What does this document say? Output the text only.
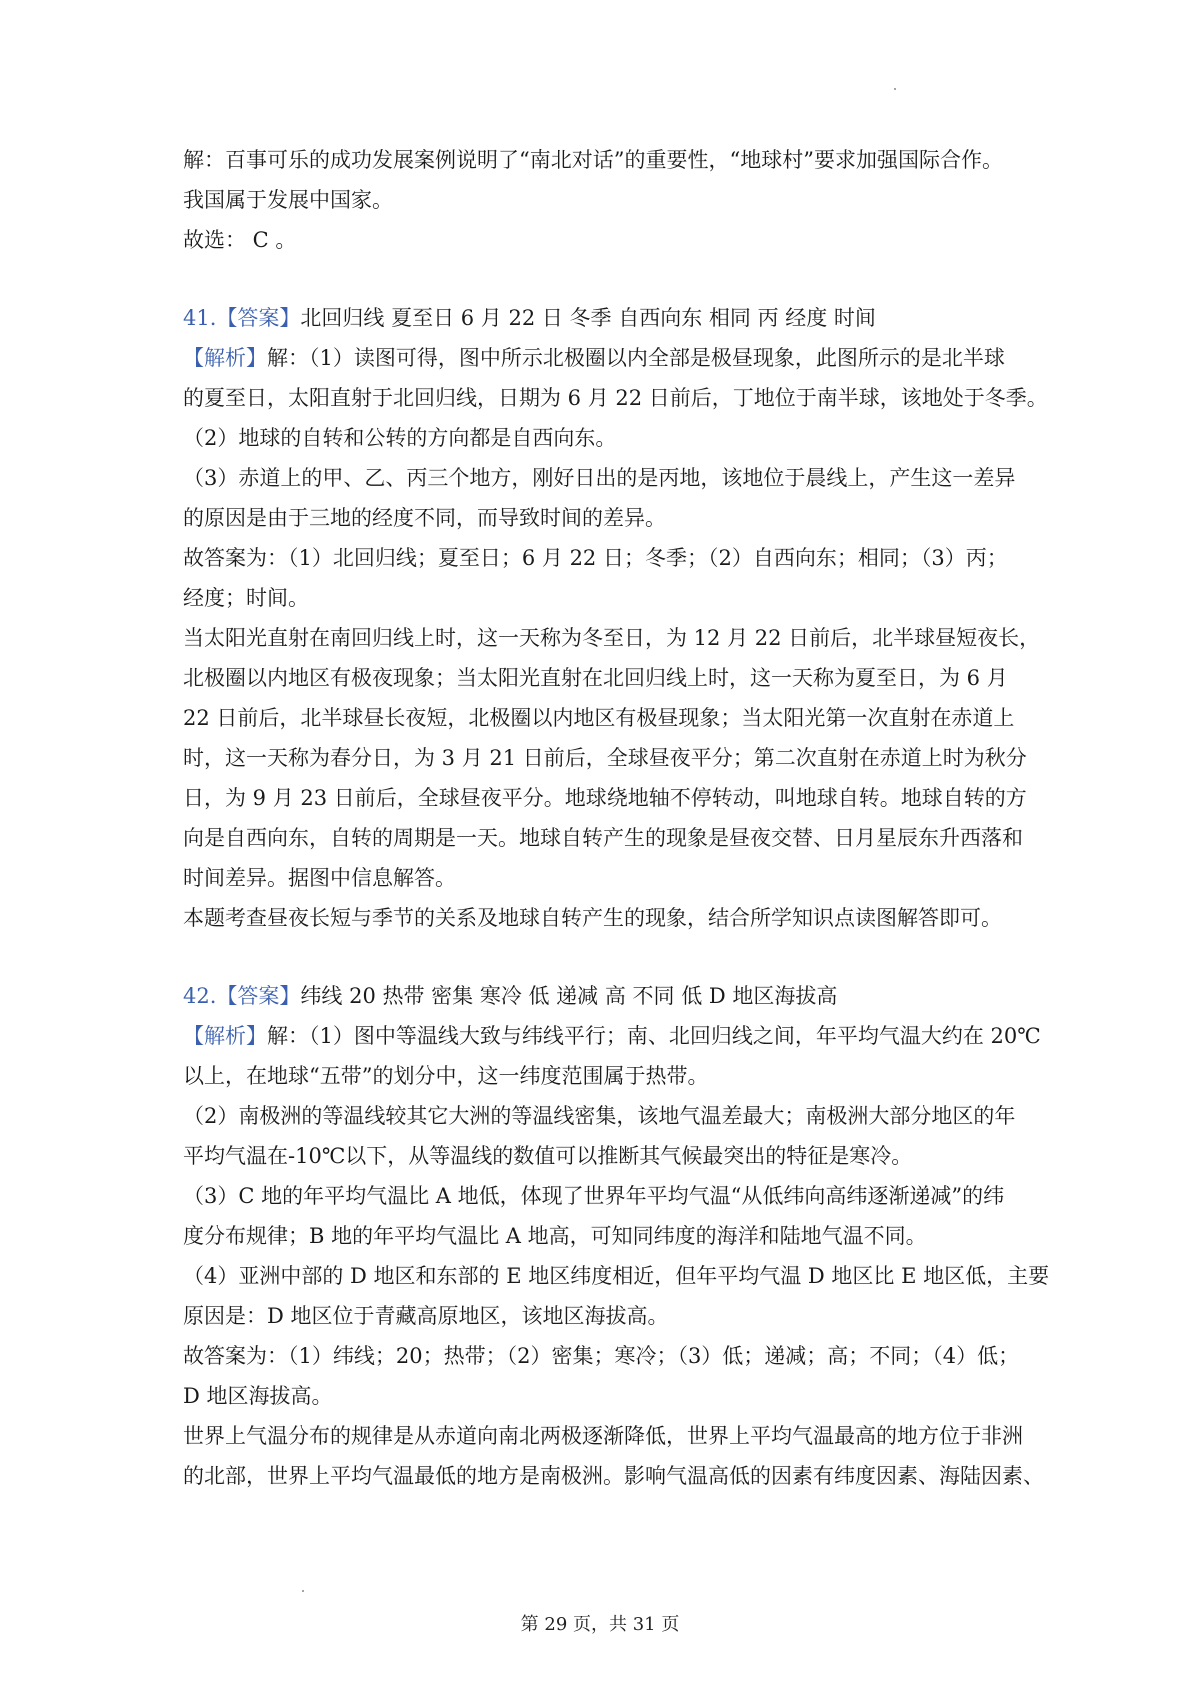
解：百事可乐的成功发展案例说明了“南北对话”的重要性，“地球村”要求加强国际合作。
我国属于发展中国家。
故选： C 。
41.【答案】北回归线 夏至日 6 月 22 日 冬季 自西向东 相同 丙 经度 时间
【解析】解：（1）读图可得，图中所示北极圈以内全部是极昼现象，此图所示的是北半球
的夏至日，太阳直射于北回归线，日期为 6 月 22 日前后，丁地位于南半球，该地处于冬季。
（2）地球的自转和公转的方向都是自西向东。
（3）赤道上的甲、乙、丙三个地方，刚好日出的是丙地，该地位于晨线上，产生这一差异
的原因是由于三地的经度不同，而导致时间的差异。
故答案为：（1）北回归线；夏至日；6 月 22 日；冬季；（2）自西向东；相同；（3）丙；
经度；时间。
当太阳光直射在南回归线上时，这一天称为冬至日，为 12 月 22 日前后，北半球昼短夜长，
北极圈以内地区有极夜现象；当太阳光直射在北回归线上时，这一天称为夏至日，为 6 月
22 日前后，北半球昼长夜短，北极圈以内地区有极昼现象；当太阳光第一次直射在赤道上
时，这一天称为春分日，为 3 月 21 日前后，全球昼夜平分；第二次直射在赤道上时为秋分
日，为 9 月 23 日前后，全球昼夜平分。地球绕地轴不停转动，叫地球自转。地球自转的方
向是自西向东，自转的周期是一天。地球自转产生的现象是昼夜交替、日月星辰东升西落和
时间差异。据图中信息解答。
本题考查昼夜长短与季节的关系及地球自转产生的现象，结合所学知识点读图解答即可。
42.【答案】纬线 20 热带 密集 寒冷 低 递减 高 不同 低 D 地区海拔高
【解析】解：（1）图中等温线大致与纬线平行；南、北回归线之间，年平均气温大约在 20℃
以上，在地球“五带”的划分中，这一纬度范围属于热带。
（2）南极洲的等温线较其它大洲的等温线密集，该地气温差最大；南极洲大部分地区的年
平均气温在-10℃以下，从等温线的数值可以推断其气候最突出的特征是寒冷。
（3）C 地的年平均气温比 A 地低，体现了世界年平均气温“从低纬向高纬逐渐递减”的纬
度分布规律；B 地的年平均气温比 A 地高，可知同纬度的海洋和陆地气温不同。
（4）亚洲中部的 D 地区和东部的 E 地区纬度相近，但年平均气温 D 地区比 E 地区低，主要
原因是：D 地区位于青藏高原地区，该地区海拔高。
故答案为：（1）纬线；20；热带；（2）密集；寒冷；（3）低；递减；高；不同；（4）低；
D 地区海拔高。
世界上气温分布的规律是从赤道向南北两极逐渐降低，世界上平均气温最高的地方位于非洲
的北部，世界上平均气温最低的地方是南极洲。影响气温高低的因素有纬度因素、海陆因素、
第 29 页，共 31 页
